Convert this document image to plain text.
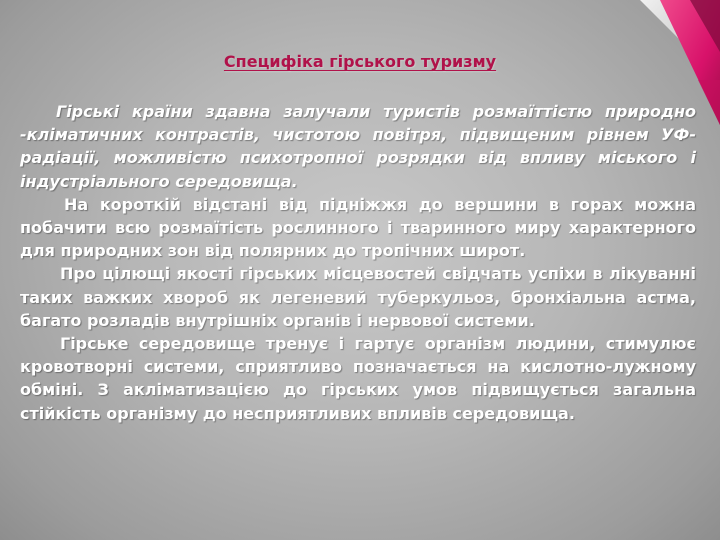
Специфіка гірського туризму

Гірські країни здавна залучали туристів розмаїттістю природно -кліматичних контрастів, чистотою повітря, підвищеним рівнем УФ-радіації, можливістю психотропної розрядки від впливу міського і індустріального середовища.

На короткій відстані від підніжжя до вершини в горах можна побачити всю розмаїтість рослинного і тваринного миру характерного для природних зон від полярних до тропічних широт.

Про цілющі якості гірських місцевостей свідчать успіхи в лікуванні таких важких хвороб як легеневий туберкульоз, бронхіальна астма, багато розладів внутрішніх органів і нервової системи.

Гірське середовище тренує і гартує організм людини, стимулює кровотворні системи, сприятливо позначається на кислотно-лужному обміні. З акліматизацією до гірських умов підвищується загальна стійкість організму до несприятливих впливів середовища.
